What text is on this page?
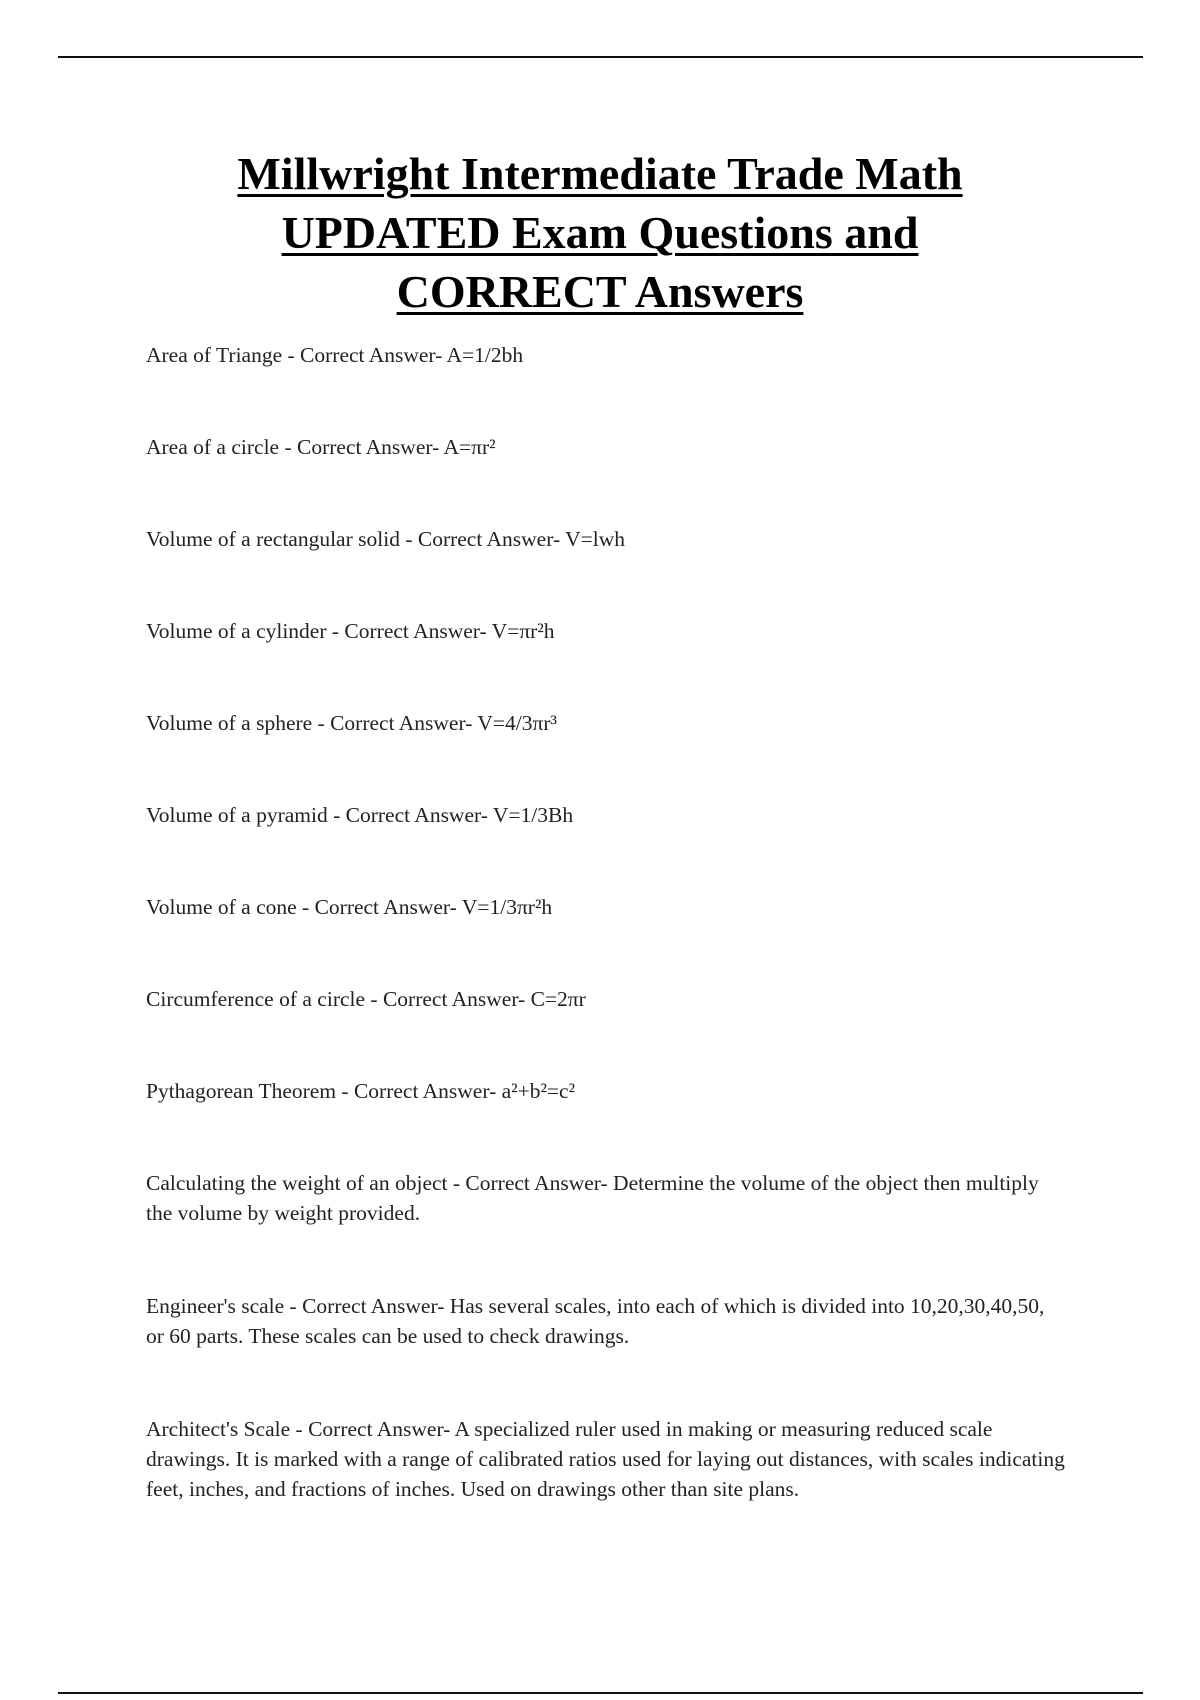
Millwright Intermediate Trade Math
UPDATED Exam Questions and
CORRECT Answers
Area of Triange - Correct Answer- A=1/2bh
Area of a circle - Correct Answer- A=πr²
Volume of a rectangular solid - Correct Answer- V=lwh
Volume of a cylinder - Correct Answer- V=πr²h
Volume of a sphere - Correct Answer- V=4/3πr³
Volume of a pyramid - Correct Answer- V=1/3Bh
Volume of a cone - Correct Answer- V=1/3πr²h
Circumference of a circle - Correct Answer- C=2πr
Pythagorean Theorem - Correct Answer- a²+b²=c²
Calculating the weight of an object - Correct Answer- Determine the volume of the object then multiply the volume by weight provided.
Engineer's scale - Correct Answer- Has several scales, into each of which is divided into 10,20,30,40,50, or 60 parts. These scales can be used to check drawings.
Architect's Scale - Correct Answer- A specialized ruler used in making or measuring reduced scale drawings. It is marked with a range of calibrated ratios used for laying out distances, with scales indicating feet, inches, and fractions of inches. Used on drawings other than site plans.
